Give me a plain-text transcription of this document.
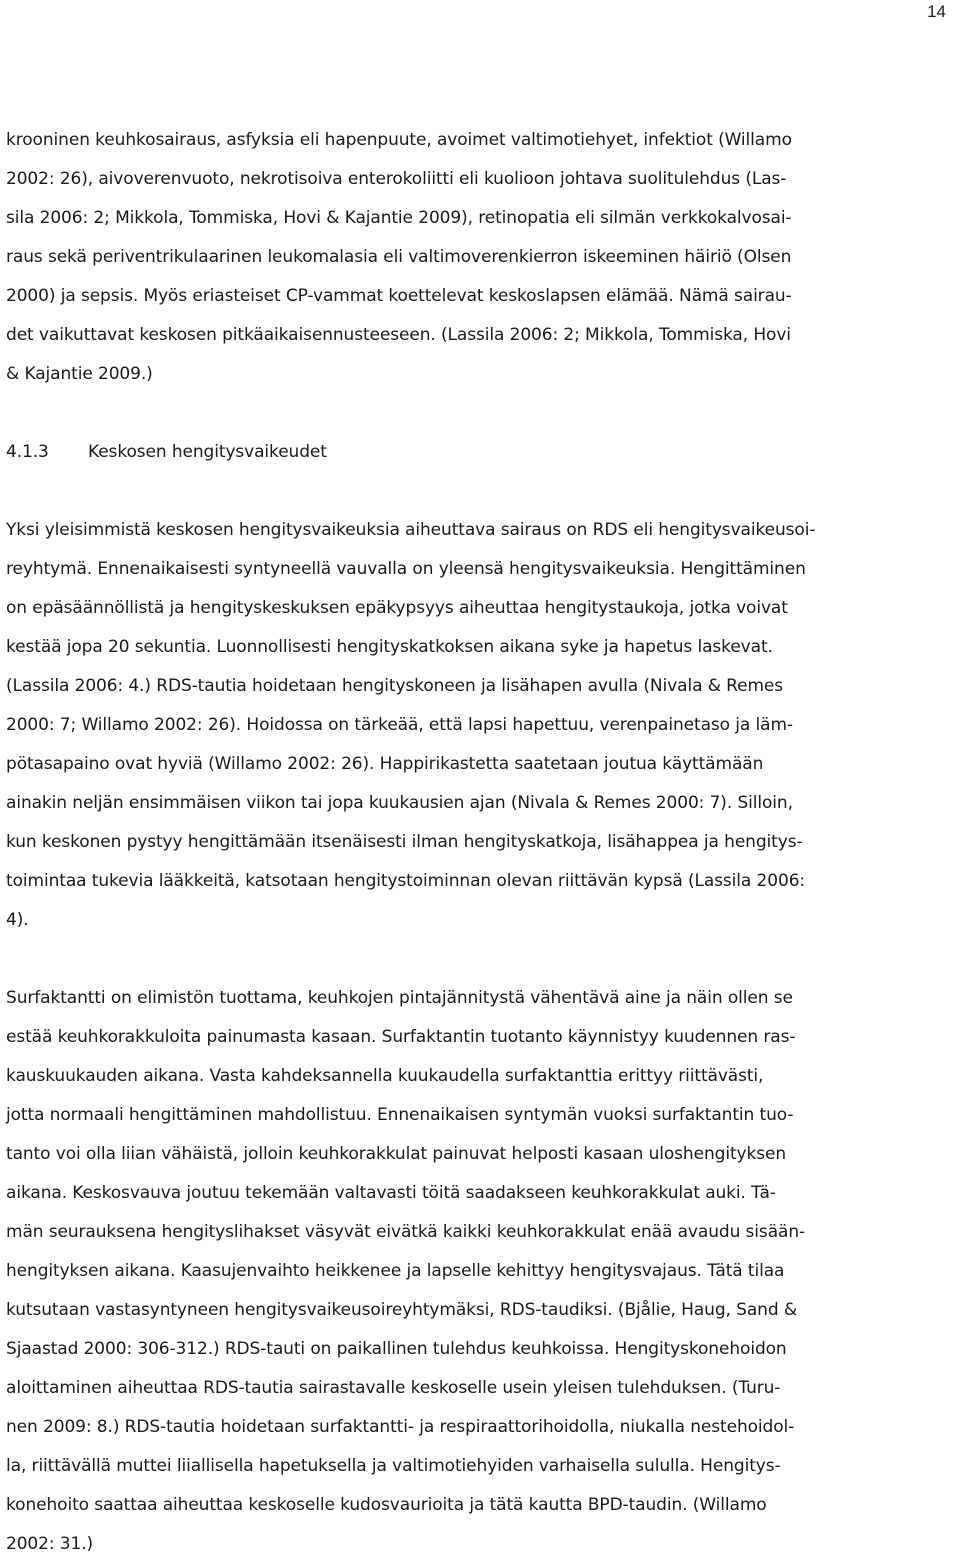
14
krooninen keuhkosairaus, asfyksia eli hapenpuute, avoimet valtimotiehyet, infektiot (Willamo
2002: 26), aivoverenvuoto, nekrotisoiva enterokoliitti eli kuolioon johtava suolitulehdus (Las-
sila 2006: 2; Mikkola, Tommiska, Hovi & Kajantie 2009), retinopatia eli silmän verkkokalvosai-
raus sekä periventrikulaarinen leukomalasia eli valtimoverenkierron iskeeminen häiriö (Olsen
2000) ja sepsis. Myös eriasteiset CP-vammat koettelevat keskoslapsen elämää. Nämä sairau-
det vaikuttavat keskosen pitkäaikaisennusteeseen. (Lassila 2006: 2; Mikkola, Tommiska, Hovi
& Kajantie 2009.)
4.1.3 Keskosen hengitysvaikeudet
Yksi yleisimmistä keskosen hengitysvaikeuksia aiheuttava sairaus on RDS eli hengitysvaikeusoi-
reyhtymä. Ennenaikaisesti syntyneellä vauvalla on yleensä hengitysvaikeuksia. Hengittäminen
on epäsäännöllistä ja hengityskeskuksen epäkypsyys aiheuttaa hengitystaukoja, jotka voivat
kestää jopa 20 sekuntia. Luonnollisesti hengityskatkoksen aikana syke ja hapetus laskevat.
(Lassila 2006: 4.) RDS-tautia hoidetaan hengityskoneen ja lisähapen avulla (Nivala & Remes
2000: 7; Willamo 2002: 26). Hoidossa on tärkeää, että lapsi hapettuu, verenpainetaso ja läm-
pötasapaino ovat hyviä (Willamo 2002: 26). Happirikastetta saatetaan joutua käyttämään
ainakin neljän ensimmäisen viikon tai jopa kuukausien ajan (Nivala & Remes 2000: 7). Silloin,
kun keskonen pystyy hengittämään itsenäisesti ilman hengityskatkoja, lisähappea ja hengitys-
toimintaa tukevia lääkkeitä, katsotaan hengitystoiminnan olevan riittävän kypsä (Lassila 2006:
4).
Surfaktantti on elimistön tuottama, keuhkojen pintajännitystä vähentävä aine ja näin ollen se
estää keuhkorakkuloita painumasta kasaan. Surfaktantin tuotanto käynnistyy kuudennen ras-
kauskuukauden aikana. Vasta kahdeksannella kuukaudella surfaktanttia erittyy riittävästi,
jotta normaali hengittäminen mahdollistuu. Ennenaikaisen syntymän vuoksi surfaktantin tuo-
tanto voi olla liian vähäistä, jolloin keuhkorakkulat painuvat helposti kasaan uloshengityksen
aikana. Keskosvauva joutuu tekemään valtavasti töitä saadakseen keuhkorakkulat auki. Tä-
män seurauksena hengityslihakset väsyvät eivätkä kaikki keuhkorakkulat enää avaudu sisään-
hengityksen aikana. Kaasujenvaihto heikkenee ja lapselle kehittyy hengitysvajaus. Tätä tilaa
kutsutaan vastasyntyneen hengitysvaikeusoireyhtymäksi, RDS-taudiksi. (Bjålie, Haug, Sand &
Sjaastad 2000: 306-312.) RDS-tauti on paikallinen tulehdus keuhkoissa. Hengityskonehoidon
aloittaminen aiheuttaa RDS-tautia sairastavalle keskoselle usein yleisen tulehduksen. (Turu-
nen 2009: 8.) RDS-tautia hoidetaan surfaktantti- ja respiraattorihoidolla, niukalla nestehoidol-
la, riittävällä muttei liiallisella hapetuksella ja valtimotiehyiden varhaisella sululla. Hengitys-
konehoito saattaa aiheuttaa keskoselle kudosvaurioita ja tätä kautta BPD-taudin. (Willamo
2002: 31.)
